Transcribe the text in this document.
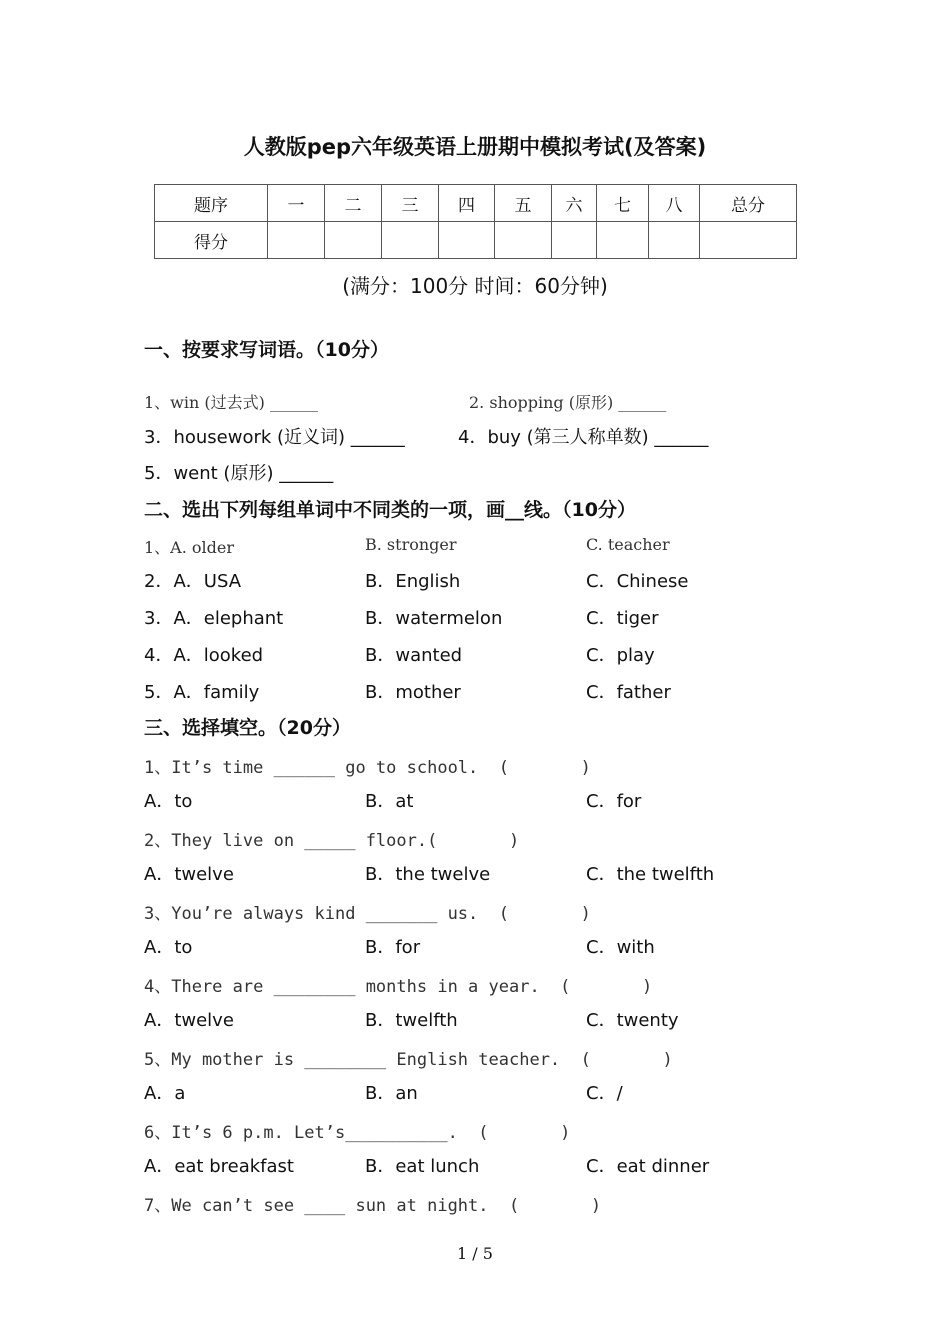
人教版pep六年级英语上册期中模拟考试(及答案)
题序	一	二	三	四	五	六	七	八	总分
得分									
(满分：100分 时间：60分钟)
一、按要求写词语。（10分）
1、win (过去式) ______	2. shopping (原形) ______
3．housework (近义词) ______	4．buy (第三人称单数) ______
5．went (原形) ______
二、选出下列每组单词中不同类的一项，画__线。（10分）
1、A. older	B. stronger	C. teacher
2．A．USA	B．English	C．Chinese
3．A．elephant	B．watermelon	C．tiger
4．A．looked	B．wanted	C．play
5．A．family	B．mother	C．father
三、选择填空。（20分）
1、It’s time ______ go to school.  (       )
A．to	B．at	C．for
2、They live on _____ floor.(       )
A．twelve	B．the twelve	C．the twelfth
3、You’re always kind _______ us.  (       )
A．to	B．for	C．with
4、There are ________ months in a year.  (       )
A．twelve	B．twelfth	C．twenty
5、My mother is ________ English teacher.  (       )
A．a	B．an	C．/
6、It’s 6 p.m. Let’s__________.  (       )
A．eat breakfast	B．eat lunch	C．eat dinner
7、We can’t see ____ sun at night.  (       )
1 / 5
